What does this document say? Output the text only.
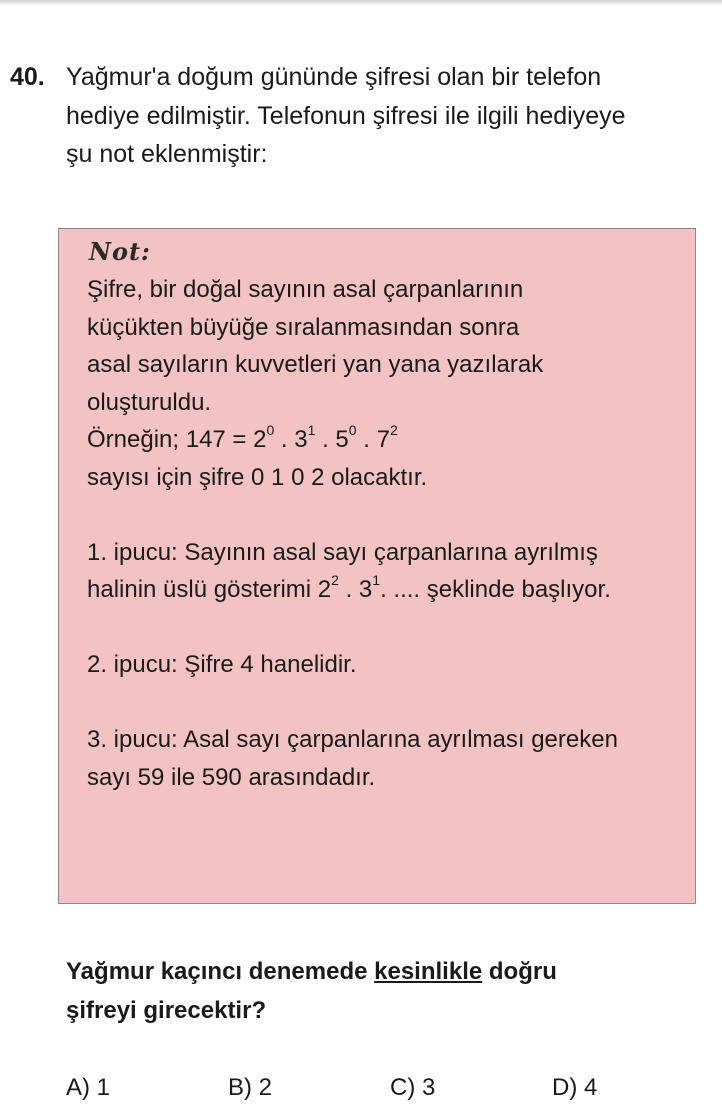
40. Yağmur'a doğum gününde şifresi olan bir telefon
hediye edilmiştir. Telefonun şifresi ile ilgili hediyeye
şu not eklenmiştir:

Not:
Şifre, bir doğal sayının asal çarpanlarının
küçükten büyüğe sıralanmasından sonra
asal sayıların kuvvetleri yan yana yazılarak
oluşturuldu.
Örneğin; $147 = 2^0$ . $3^1$ . $5^0$ . $7^2$
sayısı için şifre 0 1 0 2 olacaktır.
1. ipucu: Sayının asal sayı çarpanlarına ayrılmış
halinin üslü gösterimi $2^2$ . $3^1$. .... şeklinde başlıyor.
2. ipucu: Şifre 4 hanelidir.
3. ipucu: Asal sayı çarpanlarına ayrılması gereken
sayı 59 ile 590 arasındadır.
Yağmur kaçıncı denemede kesinlikle doğru
şifreyi girecektir?
A) 1	B) 2	C) 3	D) 4
